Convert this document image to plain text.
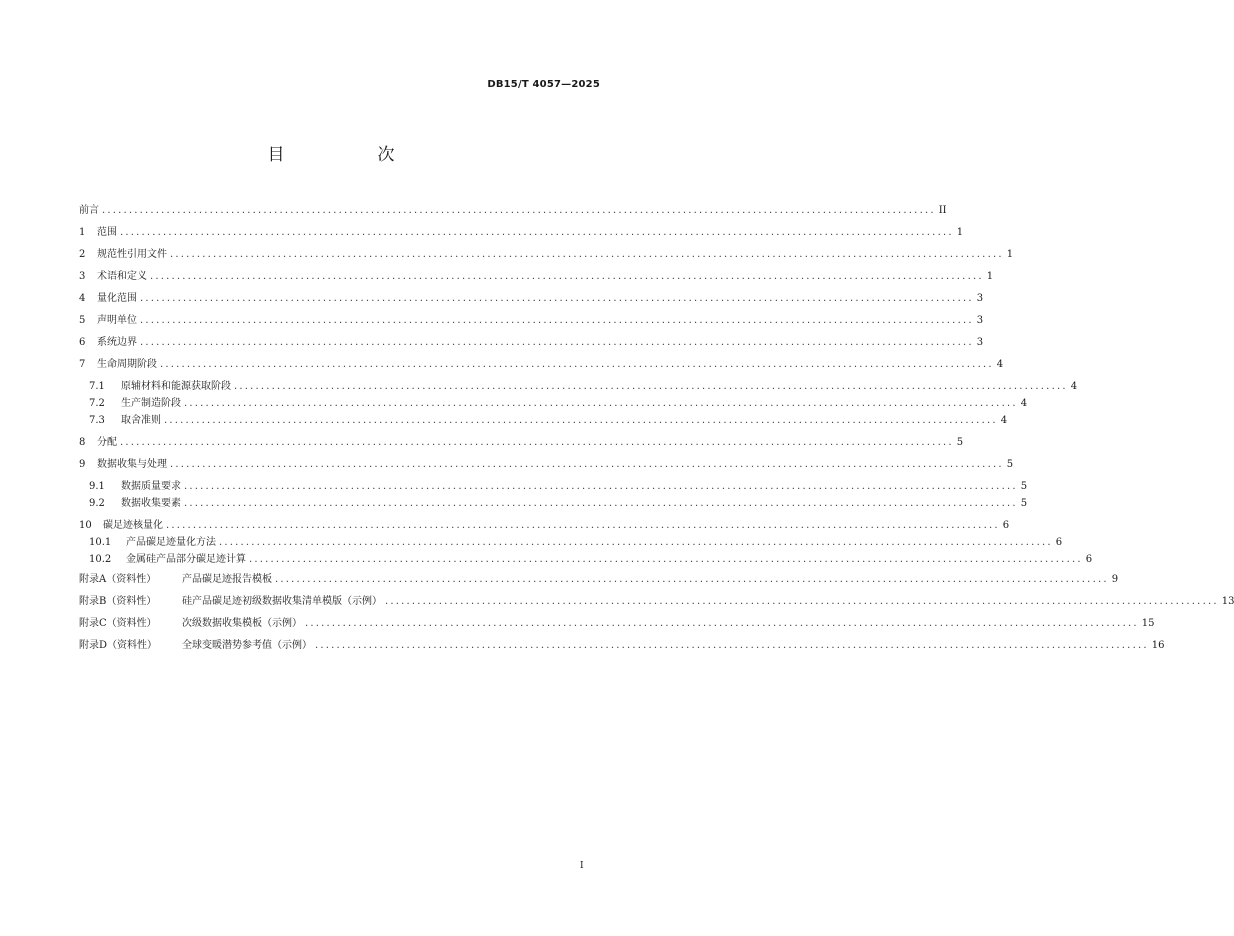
DB15/T 4057—2025
目　次
前言 ........................................................................................................................................................... II
1	范围 ........................................................................................................................................................... 1
2	规范性引用文件 ........................................................................................................................................................... 1
3	术语和定义 ........................................................................................................................................................... 1
4	量化范围 ........................................................................................................................................................... 3
5	声明单位 ........................................................................................................................................................... 3
6	系统边界 ........................................................................................................................................................... 3
7	生命周期阶段 ........................................................................................................................................................... 4
7.1	原辅材料和能源获取阶段 ........................................................................................................................................................... 4
7.2	生产制造阶段 ........................................................................................................................................................... 4
7.3	取舍准则 ........................................................................................................................................................... 4
8	分配 ........................................................................................................................................................... 5
9	数据收集与处理 ........................................................................................................................................................... 5
9.1	数据质量要求 ........................................................................................................................................................... 5
9.2	数据收集要素 ........................................................................................................................................................... 5
10	碳足迹核量化 ........................................................................................................................................................... 6
10.1	产品碳足迹量化方法 ........................................................................................................................................................... 6
10.2	金属硅产品部分碳足迹计算 ........................................................................................................................................................... 6
附录A（资料性）	产品碳足迹报告模板 ........................................................................................................................................................... 9
附录B（资料性）	硅产品碳足迹初级数据收集清单模版（示例） ........................................................................................................................................................... 13
附录C（资料性）	次级数据收集模板（示例） ........................................................................................................................................................... 15
附录D（资料性）	全球变暖潜势参考值（示例） ........................................................................................................................................................... 16
I
